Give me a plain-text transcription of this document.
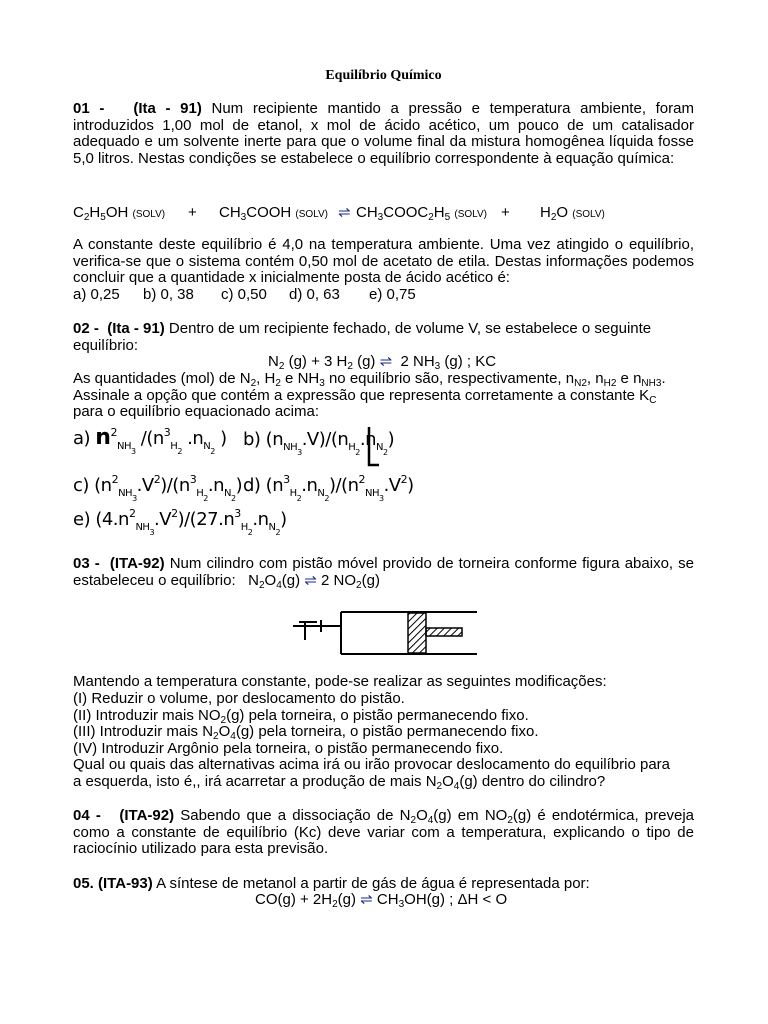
Equilíbrio Químico
01 - (Ita - 91) Num recipiente mantido a pressão e temperatura ambiente, foram introduzidos 1,00 mol de etanol, x mol de ácido acético, um pouco de um catalisador adequado e um solvente inerte para que o volume final da mistura homogênea líquida fosse 5,0 litros. Nestas condições se estabelece o equilíbrio correspondente à equação química:
$C_2H_5OH$ (SOLV) + $CH_3COOH$ (SOLV) ⇌ $CH_3COOC_2H_5$ (SOLV) + $H_2O$ (SOLV)
A constante deste equilíbrio é 4,0 na temperatura ambiente. Uma vez atingido o equilíbrio, verifica-se que o sistema contém 0,50 mol de acetato de etila. Destas informações podemos concluir que a quantidade x inicialmente posta de ácido acético é:
a) 0,25 b) 0, 38 c) 0,50 d) 0, 63 e) 0,75
02 - (Ita - 91) Dentro de um recipiente fechado, de volume V, se estabelece o seguinte equilíbrio:
$N_2$ (g) + 3 $H_2$ (g) ⇌  2 $NH_3$ (g) ; KC
As quantidades (mol) de $N_2$, $H_2$ e $NH_3$ no equilíbrio são, respectivamente, $n_{N2}$, $n_{H2}$ e $n_{NH3}$.
Assinale a opção que contém a expressão que representa corretamente a constante $K_C$
para o equilíbrio equacionado acima:
a) $n^2_{NH_3}$ $/(n^3_{H_2}$ $.n_{N_2}$ ) b) $(n_{NH_3}.V)/(n_{H_2}.n_{N_2})$
c) $(n^2_{NH_3}.V^2)/(n^3_{H_2}.n_{N_2})$ d) $(n^3_{H_2}.n_{N_2})/(n^2_{NH_3}.V^2)$
e) $(4.n^2_{NH_3}.V^2)/(27.n^3_{H_2}.n_{N_2})$
03 - (ITA-92) Num cilindro com pistão móvel provido de torneira conforme figura abaixo, se estabeleceu o equilíbrio: $N_2O_4(g)$ ⇌ 2 $NO_2(g)$
Mantendo a temperatura constante, pode-se realizar as seguintes modificações:
(I) Reduzir o volume, por deslocamento do pistão.
(II) Introduzir mais $NO_2(g)$ pela torneira, o pistão permanecendo fixo.
(III) Introduzir mais $N_2O_4(g)$ pela torneira, o pistão permanecendo fixo.
(IV) Introduzir Argônio pela torneira, o pistão permanecendo fixo.
Qual ou quais das alternativas acima irá ou irão provocar deslocamento do equilíbrio para
a esquerda, isto é,, irá acarretar a produção de mais $N_2O_4(g)$ dentro do cilindro?
04 - (ITA-92) Sabendo que a dissociação de $N_2O_4(g)$ em $NO_2(g)$ é endotérmica, preveja como a constante de equilíbrio (Kc) deve variar com a temperatura, explicando o tipo de raciocínio utilizado para esta previsão.
05. (ITA-93) A síntese de metanol a partir de gás de água é representada por:
$CO(g) + 2H_2(g)$ ⇌ $CH_3OH(g)$ ; ΔH < O
